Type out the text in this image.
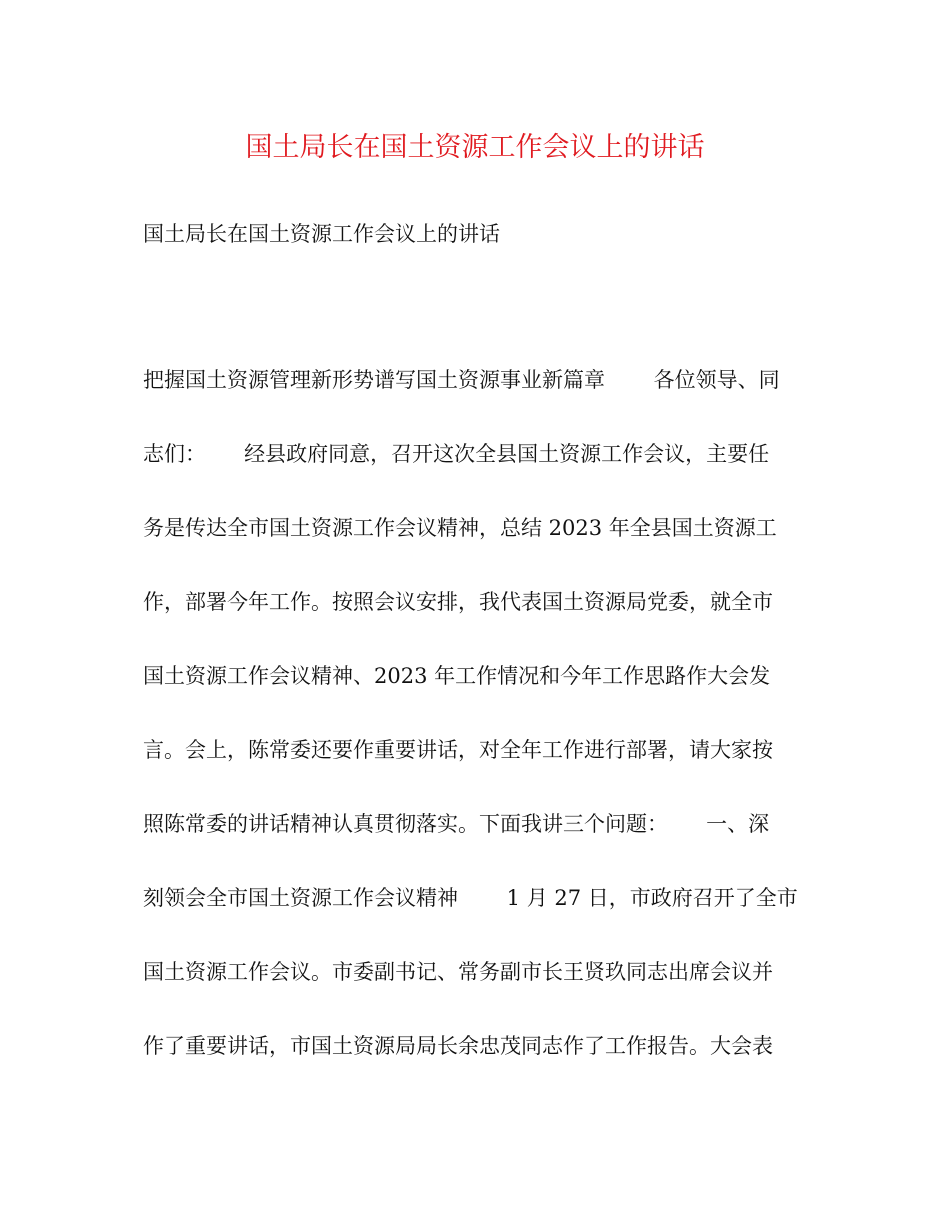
国土局长在国土资源工作会议上的讲话

国土局长在国土资源工作会议上的讲话

把握国土资源管理新形势谱写国土资源事业新篇章　　 各位领导、同

志们：　　 经县政府同意，召开这次全县国土资源工作会议，主要任

务是传达全市国土资源工作会议精神，总结 2023 年全县国土资源工

作，部署今年工作。按照会议安排，我代表国土资源局党委，就全市

国土资源工作会议精神、2023 年工作情况和今年工作思路作大会发

言。会上，陈常委还要作重要讲话，对全年工作进行部署，请大家按

照陈常委的讲话精神认真贯彻落实。下面我讲三个问题：　　 一、深

刻领会全市国土资源工作会议精神　　 1 月 27 日，市政府召开了全市

国土资源工作会议。市委副书记、常务副市长王贤玖同志出席会议并

作了重要讲话，市国土资源局局长余忠茂同志作了工作报告。大会表
